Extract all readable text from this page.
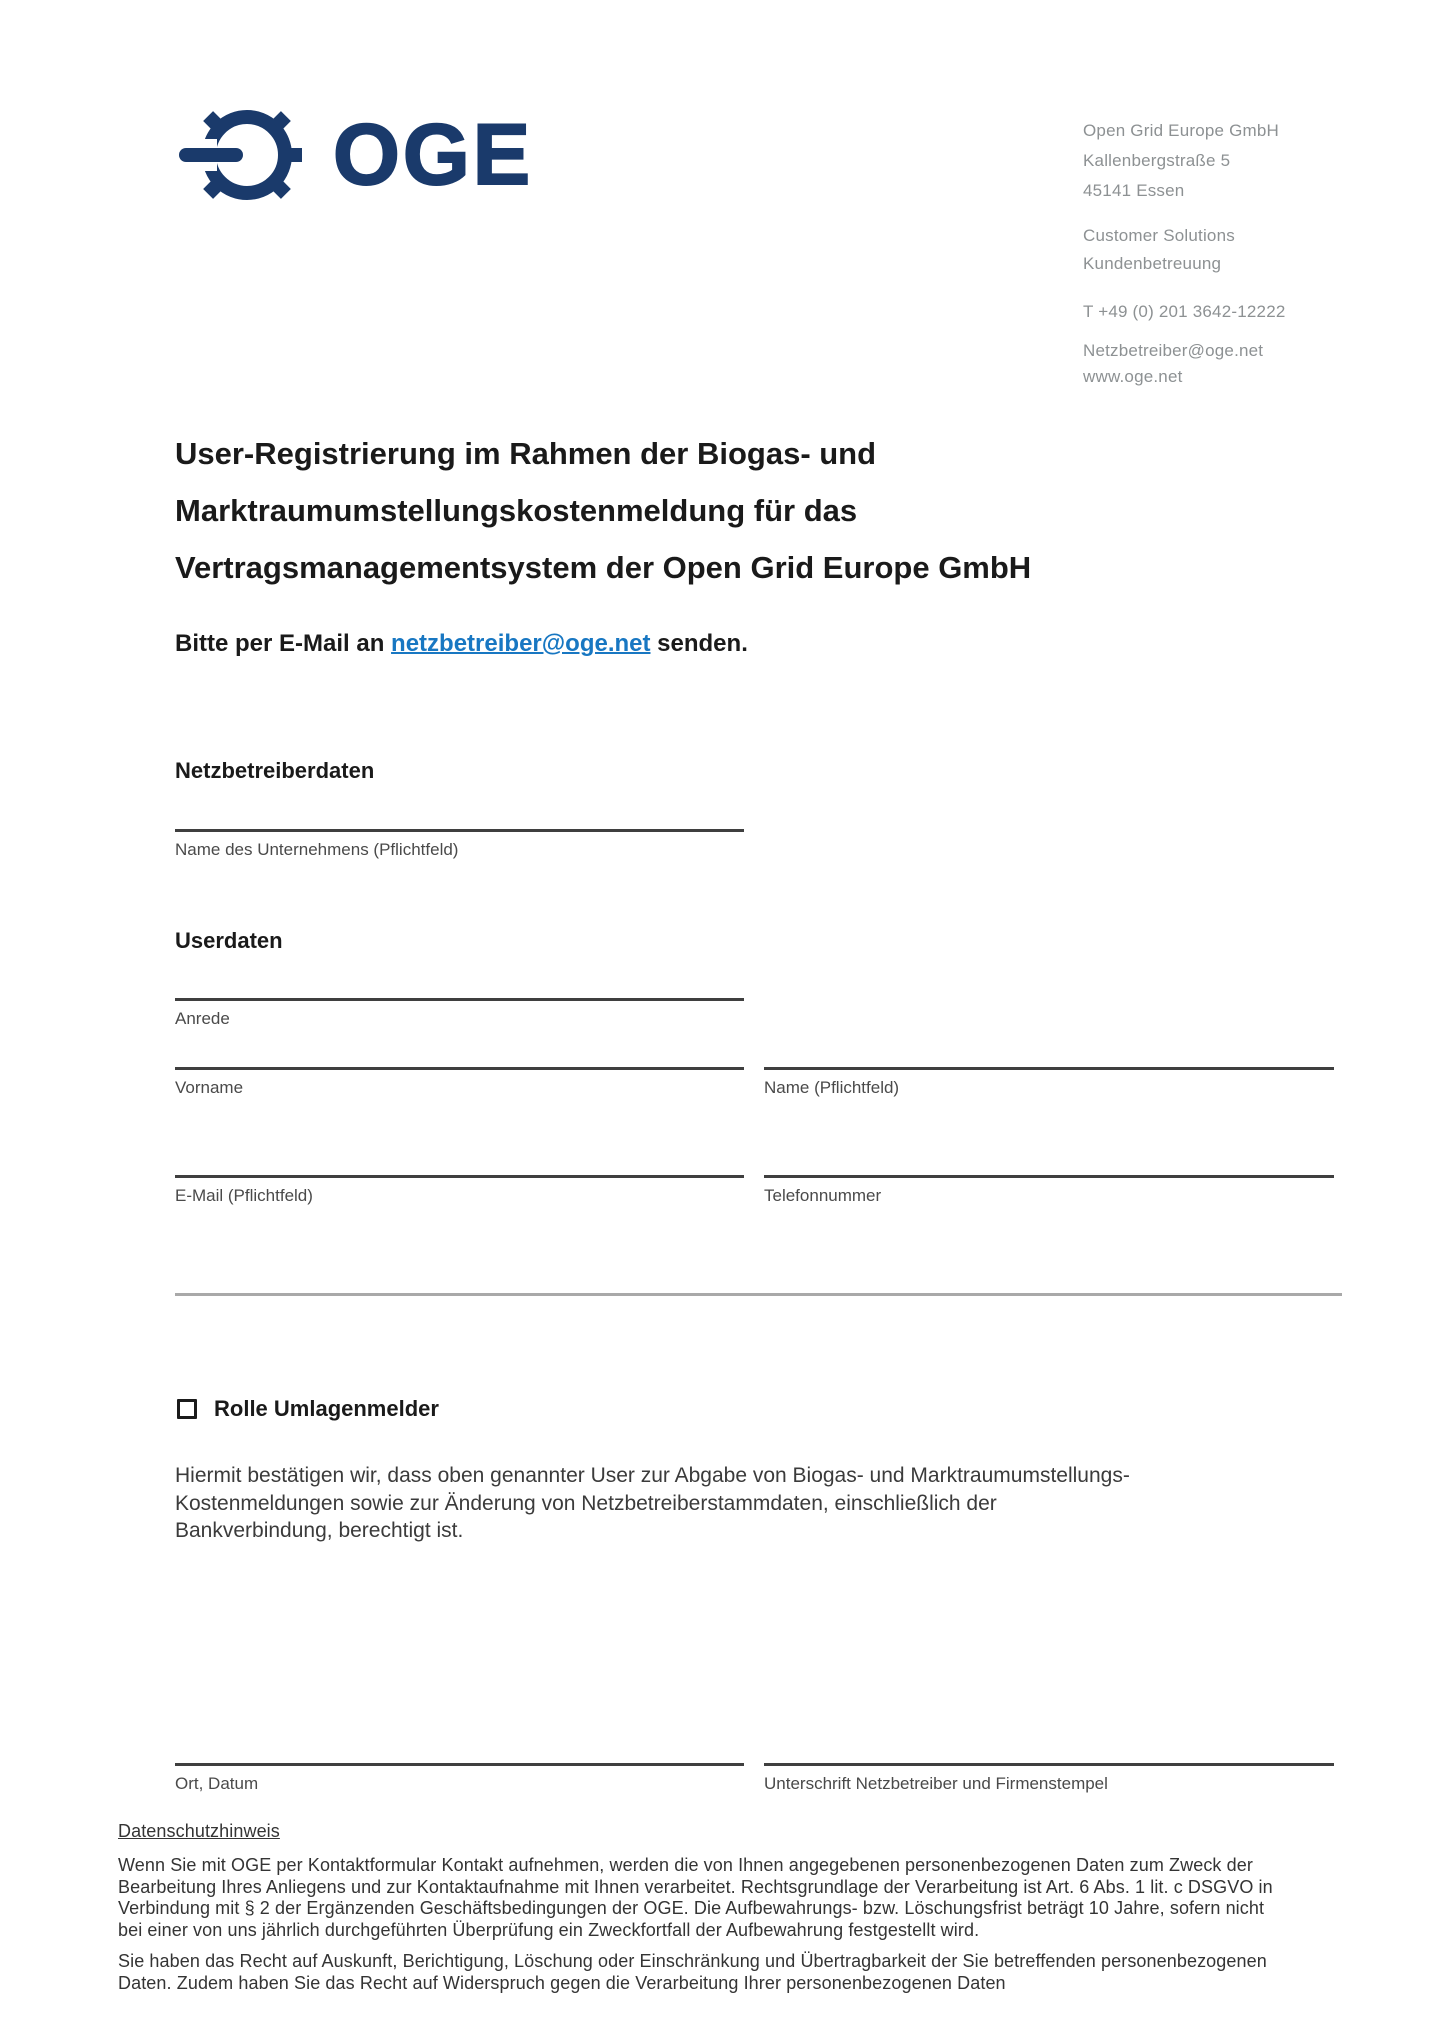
OGE	Open Grid Europe GmbH
Kallenbergstraße 5
45141 Essen
Customer Solutions
Kundenbetreuung
T +49 (0) 201 3642-12222
Netzbetreiber@oge.net
www.oge.net
User-Registrierung im Rahmen der Biogas- und
Marktraumumstellungskostenmeldung für das
Vertragsmanagementsystem der Open Grid Europe GmbH
Bitte per E-Mail an netzbetreiber@oge.net senden.
Netzbetreiberdaten
Name des Unternehmens (Pflichtfeld)
Userdaten
Anrede
Vorname	Name (Pflichtfeld)
E-Mail (Pflichtfeld)	Telefonnummer
Rolle Umlagenmelder
Hiermit bestätigen wir, dass oben genannter User zur Abgabe von Biogas- und Marktraumumstellungs-
Kostenmeldungen sowie zur Änderung von Netzbetreiberstammdaten, einschließlich der
Bankverbindung, berechtigt ist.
Ort, Datum	Unterschrift Netzbetreiber und Firmenstempel
Datenschutzhinweis
Wenn Sie mit OGE per Kontaktformular Kontakt aufnehmen, werden die von Ihnen angegebenen personenbezogenen Daten zum Zweck der
Bearbeitung Ihres Anliegens und zur Kontaktaufnahme mit Ihnen verarbeitet. Rechtsgrundlage der Verarbeitung ist Art. 6 Abs. 1 lit. c DSGVO in
Verbindung mit § 2 der Ergänzenden Geschäftsbedingungen der OGE. Die Aufbewahrungs- bzw. Löschungsfrist beträgt 10 Jahre, sofern nicht
bei einer von uns jährlich durchgeführten Überprüfung ein Zweckfortfall der Aufbewahrung festgestellt wird.
Sie haben das Recht auf Auskunft, Berichtigung, Löschung oder Einschränkung und Übertragbarkeit der Sie betreffenden personenbezogenen
Daten. Zudem haben Sie das Recht auf Widerspruch gegen die Verarbeitung Ihrer personenbezogenen Daten
